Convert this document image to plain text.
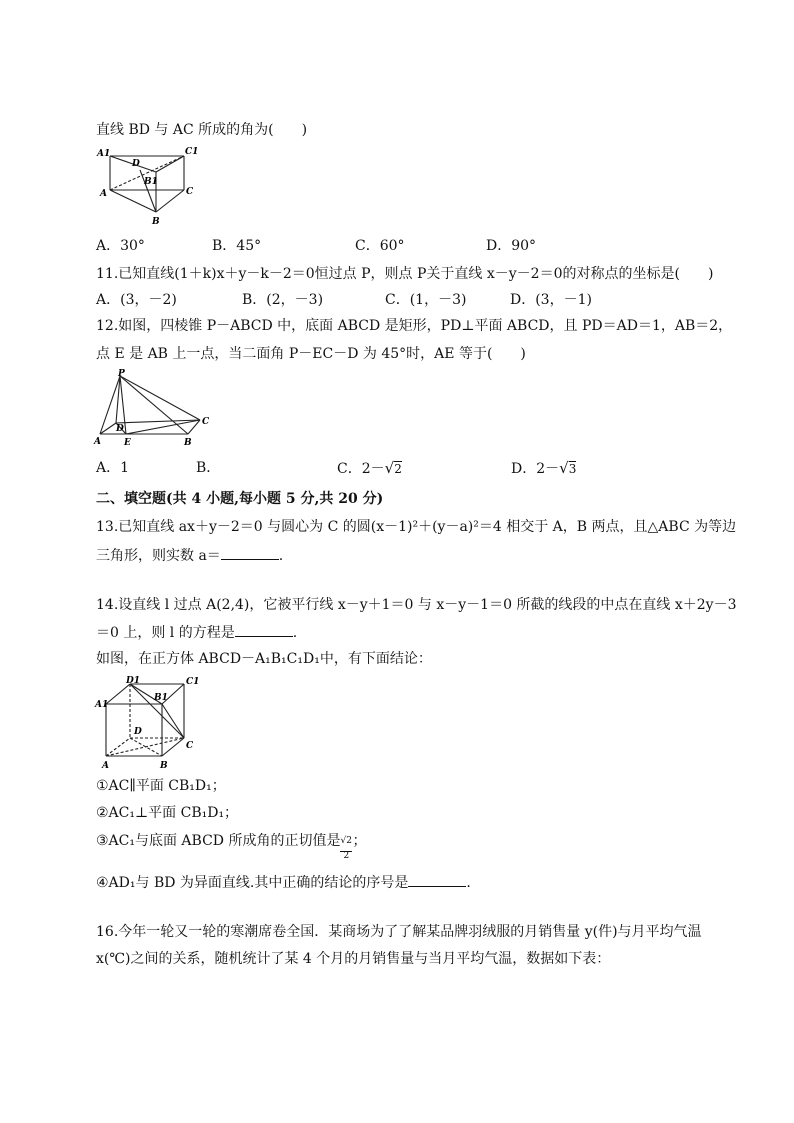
直线 BD 与 AC 所成的角为(　　)
A1	C1
D
B1
A	C
B
A．30°	B．45°	C．60°	D．90°
11.已知直线(1＋k)x＋y－k－2＝0恒过点 P，则点 P关于直线 x－y－2＝0的对称点的坐标是(　　)
A．(3，－2)	B．(2，－3)	C．(1，－3)	D．(3，－1)
12.如图，四棱锥 P－ABCD 中，底面 ABCD 是矩形，PD⊥平面 ABCD，且 PD＝AD＝1，AB＝2，
点 E 是 AB 上一点，当二面角 P－EC－D 为 45°时，AE 等于(　　)
P
C
D
A	E	B
A．1	B．	C．2－√2	D．2－√3
二、填空题(共 4 小题,每小题 5 分,共 20 分)
13.已知直线 ax＋y－2＝0 与圆心为 C 的圆(x－1)²＋(y－a)²＝4 相交于 A，B 两点，且△ABC 为等边
三角形，则实数 a＝	.
14.设直线 l 过点 A(2,4)，它被平行线 x－y＋1＝0 与 x－y－1＝0 所截的线段的中点在直线 x＋2y－3
＝0 上，则 l 的方程是	.
如图，在正方体 ABCD－A₁B₁C₁D₁中，有下面结论：
D1	C1
B1
A1
D
C
A	B
①AC∥平面 CB₁D₁；
②AC₁⊥平面 CB₁D₁；
③AC₁与底面 ABCD 所成角的正切值是 √2
2
；
④AD₁与 BD 为异面直线.其中正确的结论的序号是	.
16.今年一轮又一轮的寒潮席卷全国．某商场为了了解某品牌羽绒服的月销售量 y(件)与月平均气温
x(℃)之间的关系，随机统计了某 4 个月的月销售量与当月平均气温，数据如下表：
